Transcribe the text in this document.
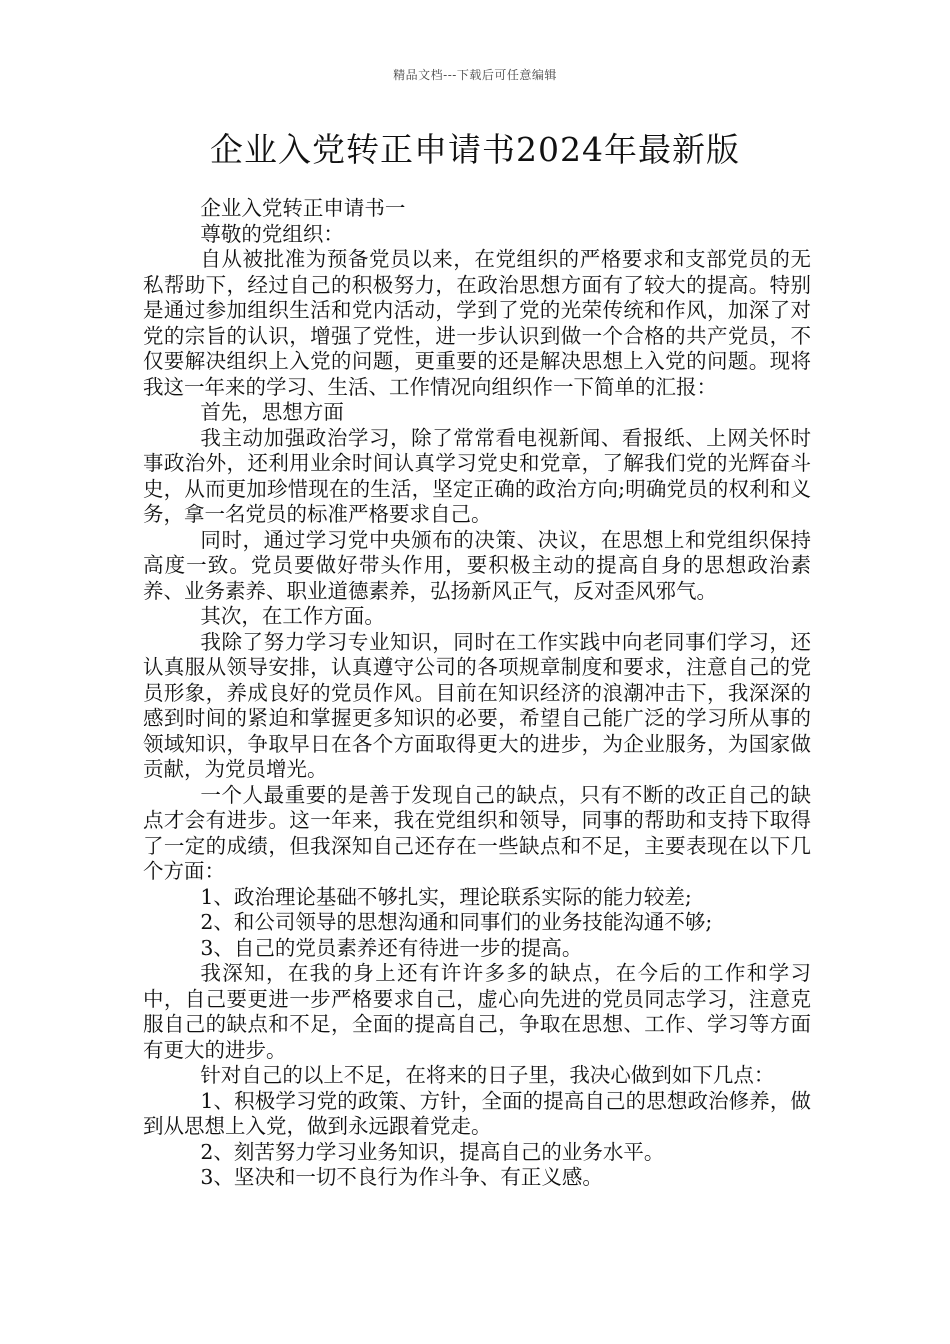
精品文档---下载后可任意编辑
企业入党转正申请书2024年最新版

企业入党转正申请书一

尊敬的党组织：

自从被批准为预备党员以来，在党组织的严格要求和支部党员的无私帮助下，经过自己的积极努力，在政治思想方面有了较大的提高。特别是通过参加组织生活和党内活动，学到了党的光荣传统和作风，加深了对党的宗旨的认识，增强了党性，进一步认识到做一个合格的共产党员，不仅要解决组织上入党的问题，更重要的还是解决思想上入党的问题。现将我这一年来的学习、生活、工作情况向组织作一下简单的汇报：

首先，思想方面

我主动加强政治学习，除了常常看电视新闻、看报纸、上网关怀时事政治外，还利用业余时间认真学习党史和党章，了解我们党的光辉奋斗史，从而更加珍惜现在的生活，坚定正确的政治方向;明确党员的权利和义务，拿一名党员的标准严格要求自己。

同时，通过学习党中央颁布的决策、决议，在思想上和党组织保持高度一致。党员要做好带头作用，要积极主动的提高自身的思想政治素养、业务素养、职业道德素养，弘扬新风正气，反对歪风邪气。

其次，在工作方面。

我除了努力学习专业知识，同时在工作实践中向老同事们学习，还认真服从领导安排，认真遵守公司的各项规章制度和要求，注意自己的党员形象，养成良好的党员作风。目前在知识经济的浪潮冲击下，我深深的感到时间的紧迫和掌握更多知识的必要，希望自己能广泛的学习所从事的领域知识，争取早日在各个方面取得更大的进步，为企业服务，为国家做贡献，为党员增光。

一个人最重要的是善于发现自己的缺点，只有不断的改正自己的缺点才会有进步。这一年来，我在党组织和领导，同事的帮助和支持下取得了一定的成绩，但我深知自己还存在一些缺点和不足，主要表现在以下几个方面：

1、政治理论基础不够扎实，理论联系实际的能力较差;

2、和公司领导的思想沟通和同事们的业务技能沟通不够;

3、自己的党员素养还有待进一步的提高。

我深知，在我的身上还有许许多多的缺点，在今后的工作和学习中，自己要更进一步严格要求自己，虚心向先进的党员同志学习，注意克服自己的缺点和不足，全面的提高自己，争取在思想、工作、学习等方面有更大的进步。

针对自己的以上不足，在将来的日子里，我决心做到如下几点：

1、积极学习党的政策、方针，全面的提高自己的思想政治修养，做到从思想上入党，做到永远跟着党走。

2、刻苦努力学习业务知识，提高自己的业务水平。

3、坚决和一切不良行为作斗争、有正义感。
